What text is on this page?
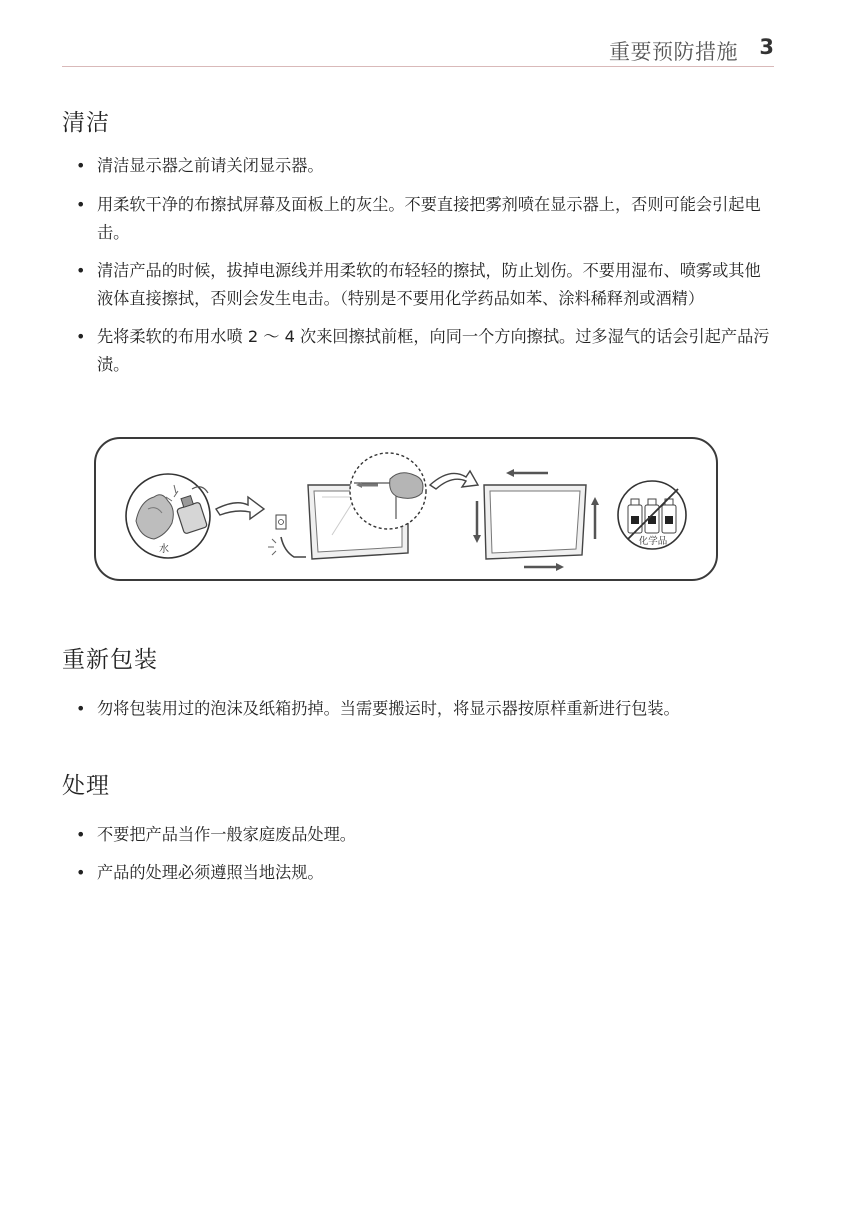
重要预防措施 3
清洁
• 清洁显示器之前请关闭显示器。
• 用柔软干净的布擦拭屏幕及面板上的灰尘。不要直接把雾剂喷在显示器上，否则可能会引起电击。
• 清洁产品的时候，拔掉电源线并用柔软的布轻轻的擦拭，防止划伤。不要用湿布、喷雾或其他液体直接擦拭，否则会发生电击。（特别是不要用化学药品如苯、涂料稀释剂或酒精）
• 先将柔软的布用水喷 2 ～ 4 次来回擦拭前框，向同一个方向擦拭。过多湿气的话会引起产品污渍。
水
化学品
重新包装
• 勿将包装用过的泡沫及纸箱扔掉。当需要搬运时，将显示器按原样重新进行包装。
处理
• 不要把产品当作一般家庭废品处理。
• 产品的处理必须遵照当地法规。
